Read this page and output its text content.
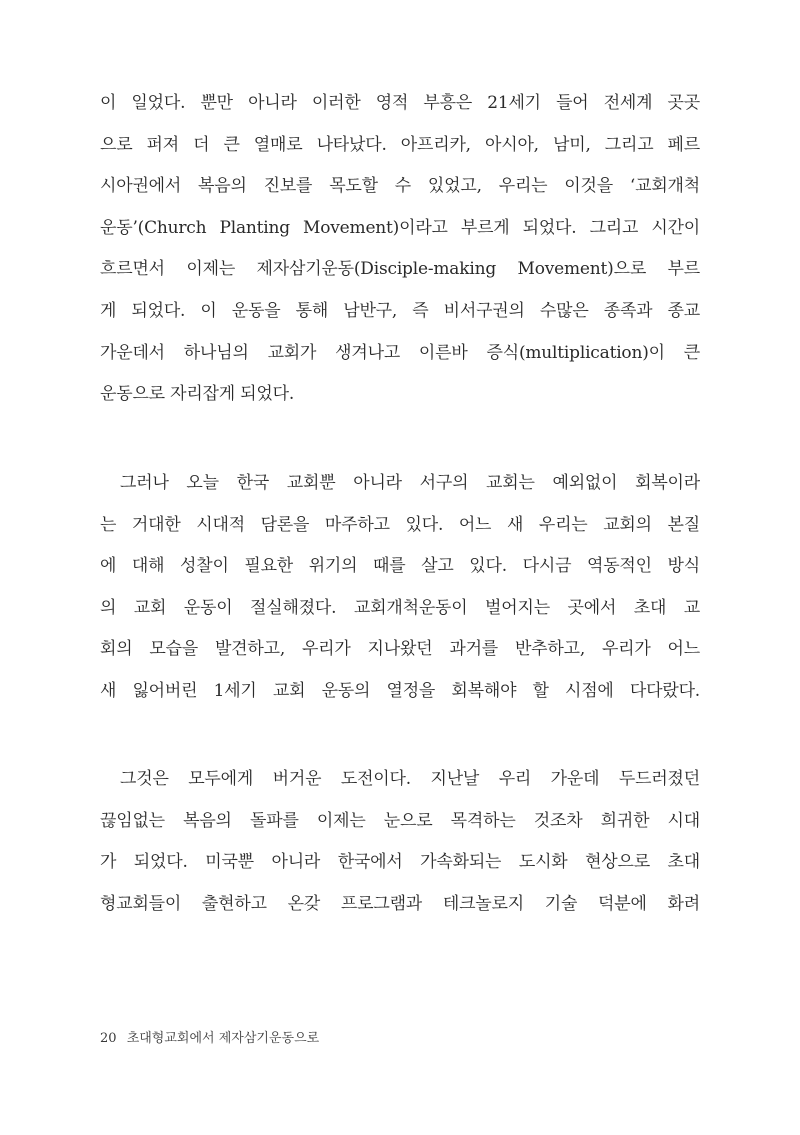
이 일었다. 뿐만 아니라 이러한 영적 부흥은 21세기 들어 전세계 곳곳
으로 퍼져 더 큰 열매로 나타났다. 아프리카, 아시아, 남미, 그리고 페르
시아권에서 복음의 진보를 목도할 수 있었고, 우리는 이것을 ‘교회개척
운동’(Church Planting Movement)이라고 부르게 되었다. 그리고 시간이
흐르면서 이제는 제자삼기운동(Disciple-making Movement)으로 부르
게 되었다. 이 운동을 통해 남반구, 즉 비서구권의 수많은 종족과 종교
가운데서 하나님의 교회가 생겨나고 이른바 증식(multiplication)이 큰
운동으로 자리잡게 되었다.
그러나 오늘 한국 교회뿐 아니라 서구의 교회는 예외없이 회복이라
는 거대한 시대적 담론을 마주하고 있다. 어느 새 우리는 교회의 본질
에 대해 성찰이 필요한 위기의 때를 살고 있다. 다시금 역동적인 방식
의 교회 운동이 절실해졌다. 교회개척운동이 벌어지는 곳에서 초대 교
회의 모습을 발견하고, 우리가 지나왔던 과거를 반추하고, 우리가 어느
새 잃어버린 1세기 교회 운동의 열정을 회복해야 할 시점에 다다랐다.
그것은 모두에게 버거운 도전이다. 지난날 우리 가운데 두드러졌던
끊임없는 복음의 돌파를 이제는 눈으로 목격하는 것조차 희귀한 시대
가 되었다. 미국뿐 아니라 한국에서 가속화되는 도시화 현상으로 초대
형교회들이 출현하고 온갖 프로그램과 테크놀로지 기술 덕분에 화려
20 초대형교회에서 제자삼기운동으로
